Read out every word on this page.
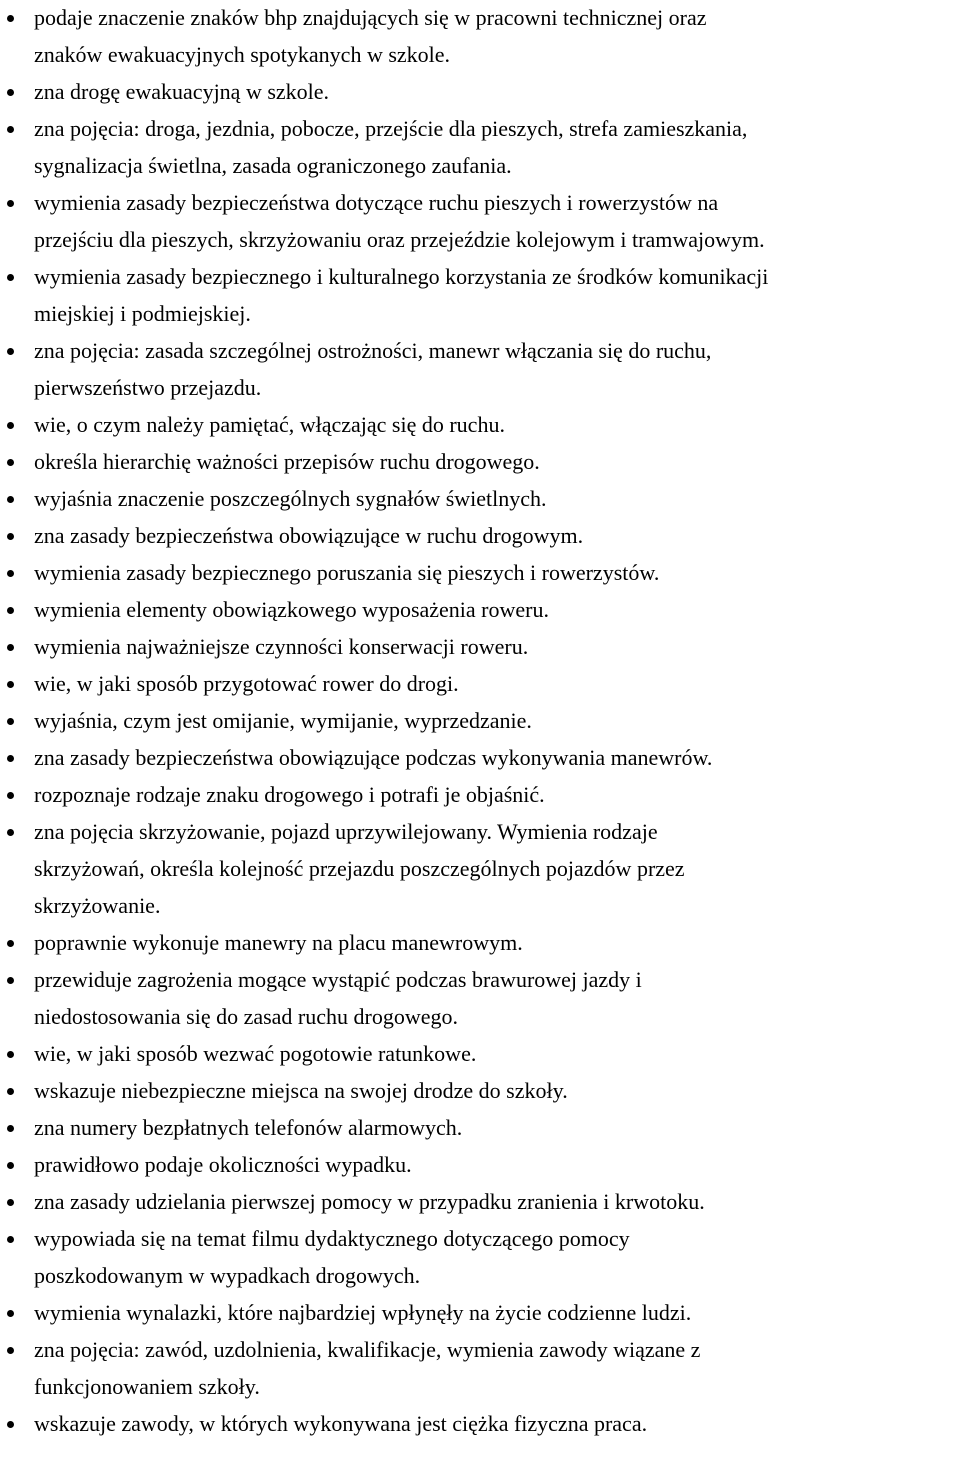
podaje znaczenie znaków bhp znajdujących się w pracowni technicznej oraz
znaków ewakuacyjnych spotykanych w szkole.
zna drogę ewakuacyjną w szkole.
zna pojęcia: droga, jezdnia, pobocze, przejście dla pieszych, strefa zamieszkania,
sygnalizacja świetlna, zasada ograniczonego zaufania.
wymienia zasady bezpieczeństwa dotyczące ruchu pieszych i rowerzystów na
przejściu dla pieszych, skrzyżowaniu oraz przejeździe kolejowym i tramwajowym.
wymienia zasady bezpiecznego i kulturalnego korzystania ze środków komunikacji
miejskiej i podmiejskiej.
zna pojęcia: zasada szczególnej ostrożności, manewr włączania się do ruchu,
pierwszeństwo przejazdu.
wie, o czym należy pamiętać, włączając się do ruchu.
określa hierarchię ważności przepisów ruchu drogowego.
wyjaśnia znaczenie poszczególnych sygnałów świetlnych.
zna zasady bezpieczeństwa obowiązujące w ruchu drogowym.
wymienia zasady bezpiecznego poruszania się pieszych i rowerzystów.
wymienia elementy obowiązkowego wyposażenia roweru.
wymienia najważniejsze czynności konserwacji roweru.
wie, w jaki sposób przygotować rower do drogi.
wyjaśnia, czym jest omijanie, wymijanie, wyprzedzanie.
zna zasady bezpieczeństwa obowiązujące podczas wykonywania manewrów.
rozpoznaje rodzaje znaku drogowego i potrafi je objaśnić.
zna pojęcia skrzyżowanie, pojazd uprzywilejowany. Wymienia rodzaje
skrzyżowań, określa kolejność przejazdu poszczególnych pojazdów przez
skrzyżowanie.
poprawnie wykonuje manewry na placu manewrowym.
przewiduje zagrożenia mogące wystąpić podczas brawurowej jazdy i
niedostosowania się do zasad ruchu drogowego.
wie, w jaki sposób wezwać pogotowie ratunkowe.
wskazuje niebezpieczne miejsca na swojej drodze do szkoły.
zna numery bezpłatnych telefonów alarmowych.
prawidłowo podaje okoliczności wypadku.
zna zasady udzielania pierwszej pomocy w przypadku zranienia i krwotoku.
wypowiada się na temat filmu dydaktycznego dotyczącego pomocy
poszkodowanym w wypadkach drogowych.
wymienia wynalazki, które najbardziej wpłynęły na życie codzienne ludzi.
zna pojęcia: zawód, uzdolnienia, kwalifikacje, wymienia zawody wiązane z
funkcjonowaniem szkoły.
wskazuje zawody, w których wykonywana jest ciężka fizyczna praca.
